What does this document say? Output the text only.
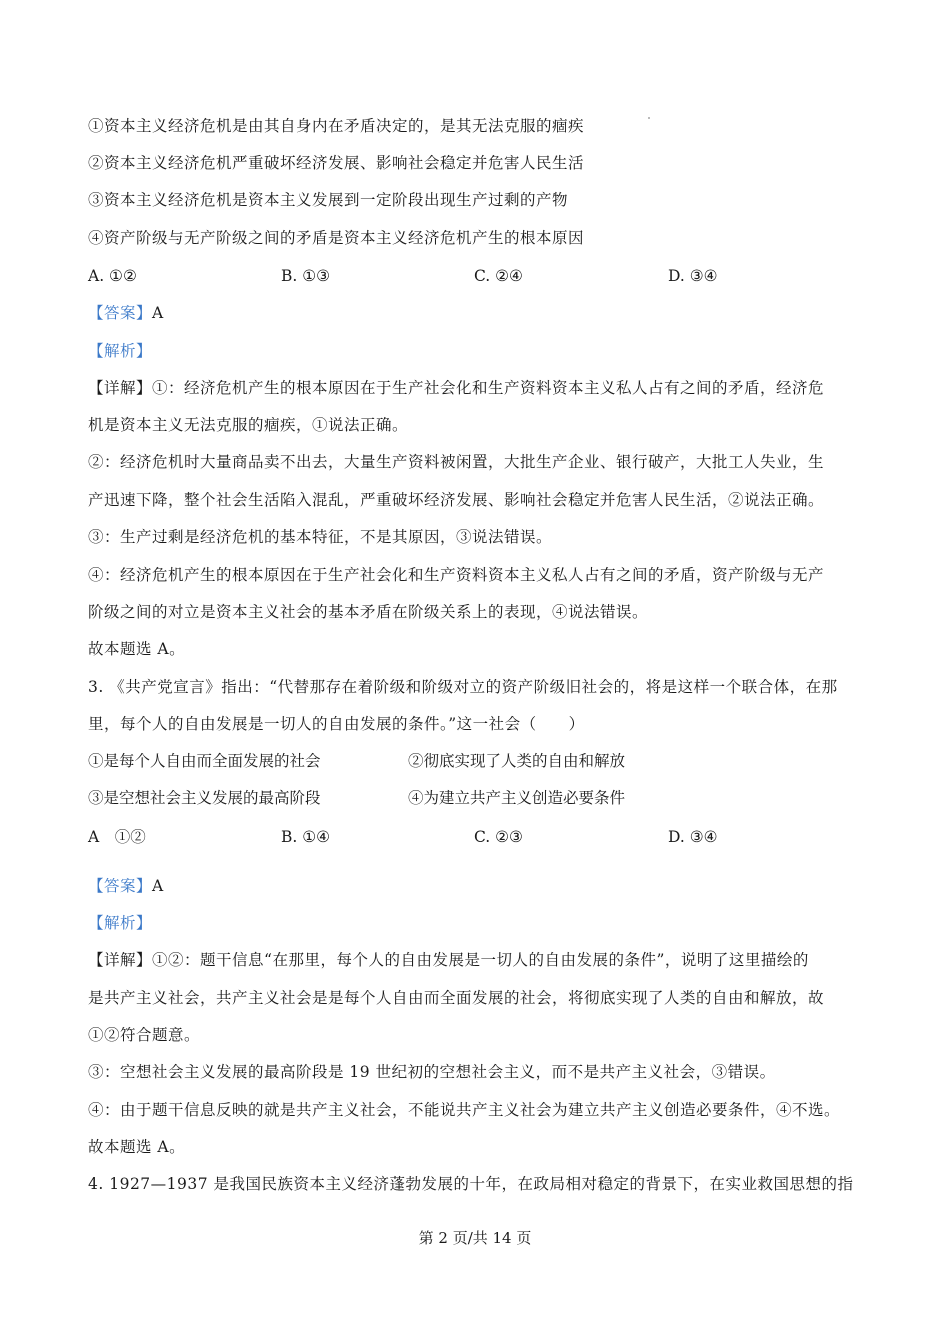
①资本主义经济危机是由其自身内在矛盾决定的，是其无法克服的痼疾
②资本主义经济危机严重破坏经济发展、影响社会稳定并危害人民生活
③资本主义经济危机是资本主义发展到一定阶段出现生产过剩的产物
④资产阶级与无产阶级之间的矛盾是资本主义经济危机产生的根本原因
A. ①②	B. ①③	C. ②④	D. ③④
【答案】A
【解析】
【详解】①：经济危机产生的根本原因在于生产社会化和生产资料资本主义私人占有之间的矛盾，经济危
机是资本主义无法克服的痼疾，①说法正确。
②：经济危机时大量商品卖不出去，大量生产资料被闲置，大批生产企业、银行破产，大批工人失业，生
产迅速下降，整个社会生活陷入混乱，严重破坏经济发展、影响社会稳定并危害人民生活，②说法正确。
③：生产过剩是经济危机的基本特征，不是其原因，③说法错误。
④：经济危机产生的根本原因在于生产社会化和生产资料资本主义私人占有之间的矛盾，资产阶级与无产
阶级之间的对立是资本主义社会的基本矛盾在阶级关系上的表现，④说法错误。
故本题选 A。
3. 《共产党宣言》指出：“代替那存在着阶级和阶级对立的资产阶级旧社会的，将是这样一个联合体，在那
里，每个人的自由发展是一切人的自由发展的条件。”这一社会（　　）
①是每个人自由而全面发展的社会	②彻底实现了人类的自由和解放
③是空想社会主义发展的最高阶段	④为建立共产主义创造必要条件
A　①②	B. ①④	C. ②③	D. ③④
【答案】A
【解析】
【详解】①②：题干信息“在那里，每个人的自由发展是一切人的自由发展的条件”，说明了这里描绘的
是共产主义社会，共产主义社会是是每个人自由而全面发展的社会，将彻底实现了人类的自由和解放，故
①②符合题意。
③：空想社会主义发展的最高阶段是 19 世纪初的空想社会主义，而不是共产主义社会，③错误。
④：由于题干信息反映的就是共产主义社会，不能说共产主义社会为建立共产主义创造必要条件，④不选。
故本题选 A。
4. 1927—1937 是我国民族资本主义经济蓬勃发展的十年，在政局相对稳定的背景下，在实业救国思想的指
第 2 页/共 14 页
